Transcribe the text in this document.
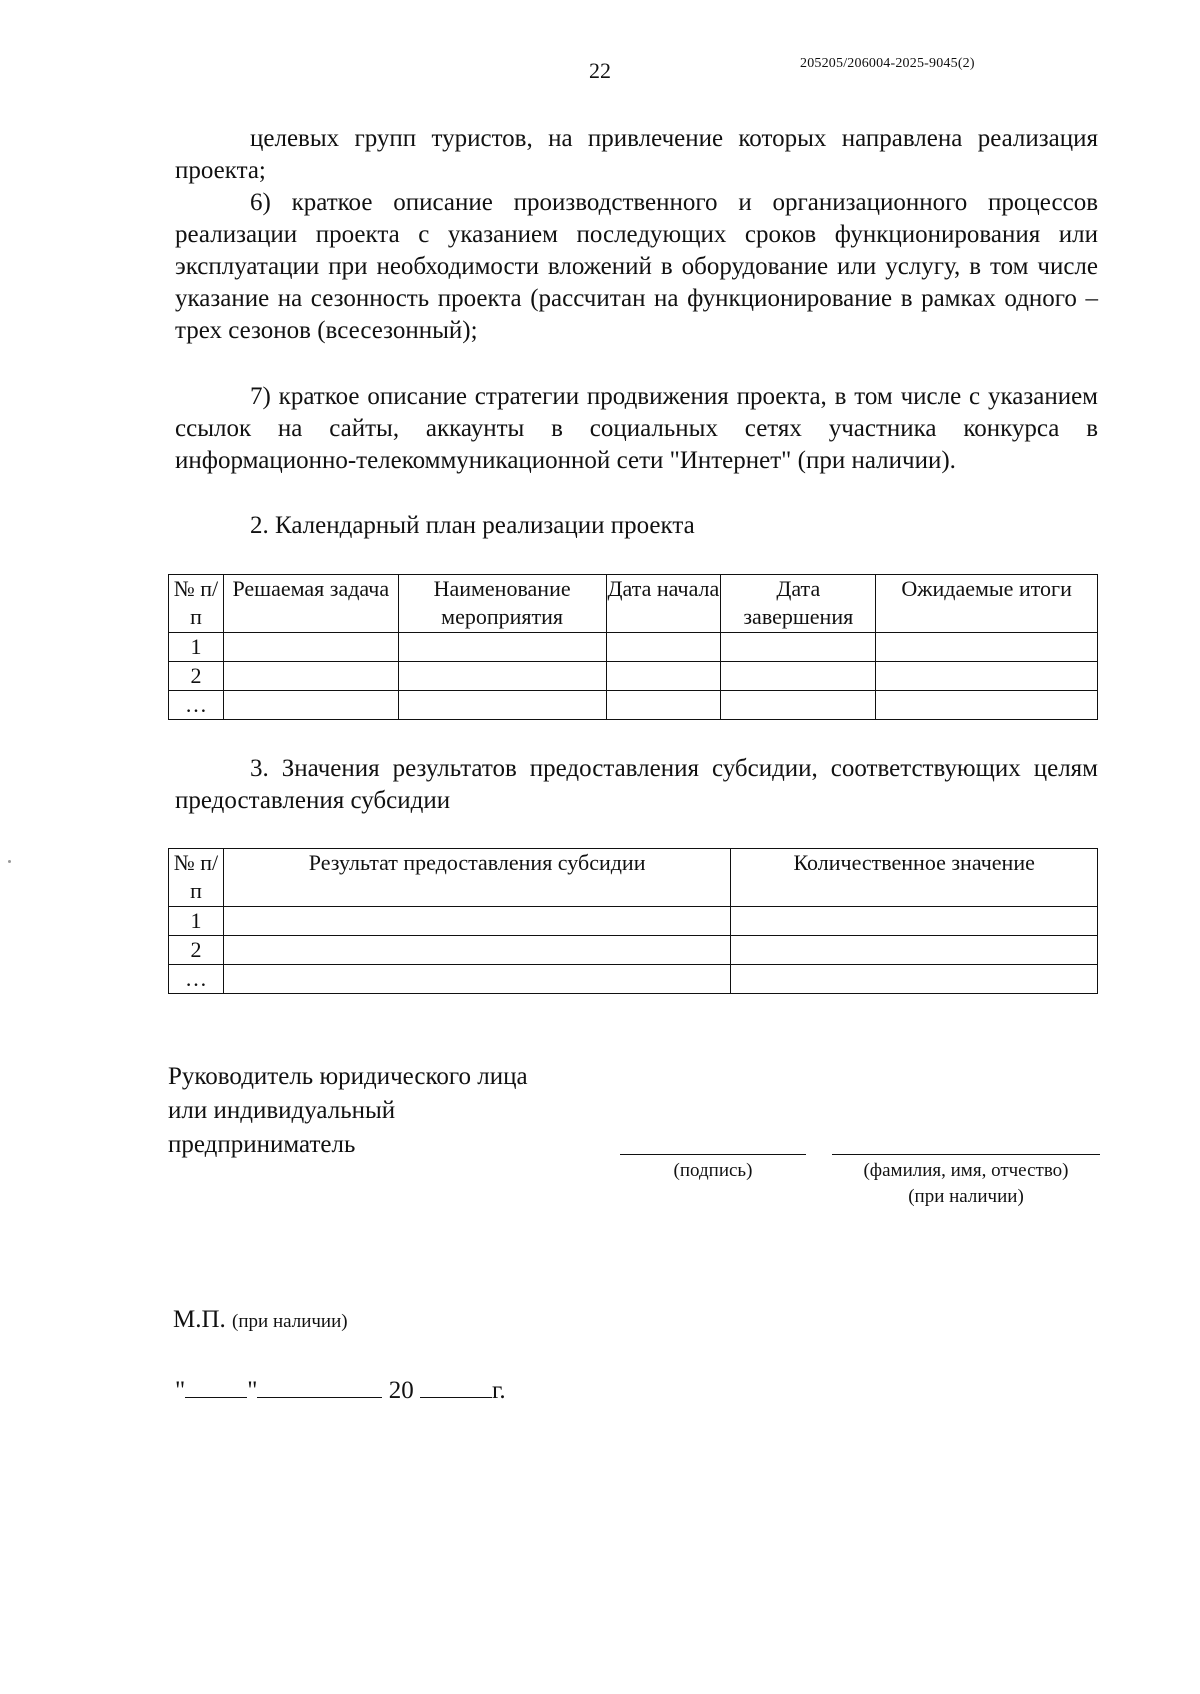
22	205205/206004-2025-9045(2)
целевых групп туристов, на привлечение которых направлена реализация проекта;
6) краткое описание производственного и организационного процессов реализации проекта с указанием последующих сроков функционирования или эксплуатации при необходимости вложений в оборудование или услугу, в том числе указание на сезонность проекта (рассчитан на функционирование в рамках одного – трех сезонов (всесезонный);
7) краткое описание стратегии продвижения проекта, в том числе с указанием ссылок на сайты, аккаунты в социальных сетях участника конкурса в информационно-телекоммуникационной сети "Интернет" (при наличии).
2. Календарный план реализации проекта
№ п/п	Решаемая задача	Наименование мероприятия	Дата начала	Дата завершения	Ожидаемые итоги
1					
2					
…					
3. Значения результатов предоставления субсидии, соответствующих целям предоставления субсидии
№ п/п	Результат предоставления субсидии	Количественное значение
1		
2		
…		
Руководитель юридического лица
или индивидуальный
предприниматель
(подпись)	(фамилия, имя, отчество)
(при наличии)
М.П. (при наличии)
" "	20	г.
